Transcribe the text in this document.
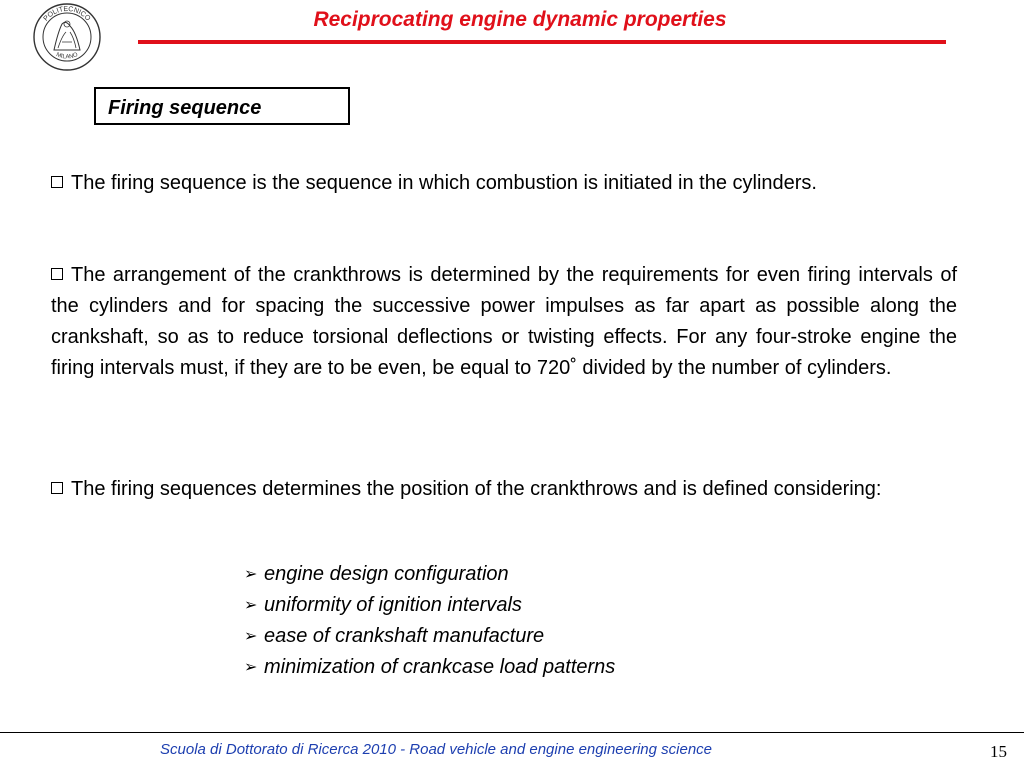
POLITECNICO
MILANO
Reciprocating engine dynamic properties
Firing sequence
The firing sequence is the sequence in which combustion is initiated in the cylinders.
The arrangement of the crankthrows is determined by the requirements for even firing intervals of the cylinders and for spacing the successive power impulses as far apart as possible along the crankshaft, so as to reduce torsional deflections or twisting effects. For any four-stroke engine the firing intervals must, if they are to be even, be equal to 720˚ divided by the number of cylinders.
The firing sequences determines the position of the crankthrows and is defined considering:
➢ engine design configuration
➢ uniformity of ignition intervals
➢ ease of crankshaft manufacture
➢ minimization of crankcase load patterns
Scuola di Dottorato di Ricerca 2010 - Road vehicle and engine engineering science	15
